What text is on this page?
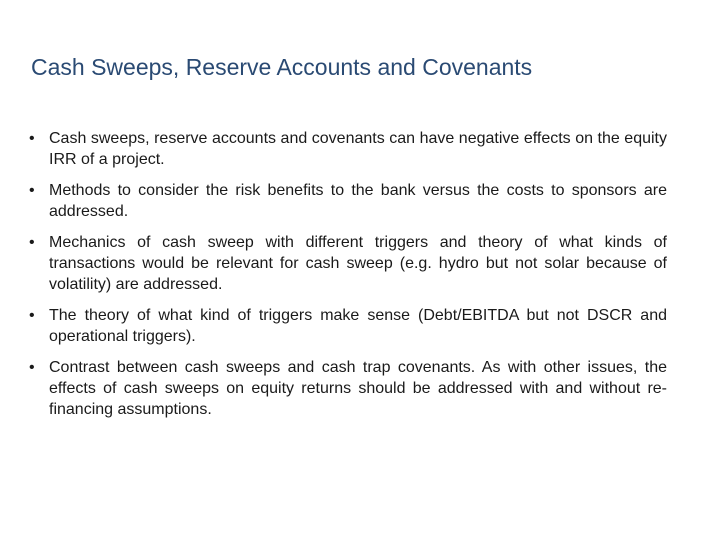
Cash Sweeps, Reserve Accounts and Covenants
• Cash sweeps, reserve accounts and covenants can have negative effects on the equity IRR of a project.
• Methods to consider the risk benefits to the bank versus the costs to sponsors are addressed.
• Mechanics of cash sweep with different triggers and theory of what kinds of transactions would be relevant for cash sweep (e.g. hydro but not solar because of volatility) are addressed.
• The theory of what kind of triggers make sense (Debt/EBITDA but not DSCR and operational triggers).
• Contrast between cash sweeps and cash trap covenants. As with other issues, the effects of cash sweeps on equity returns should be addressed with and without re-financing assumptions.
